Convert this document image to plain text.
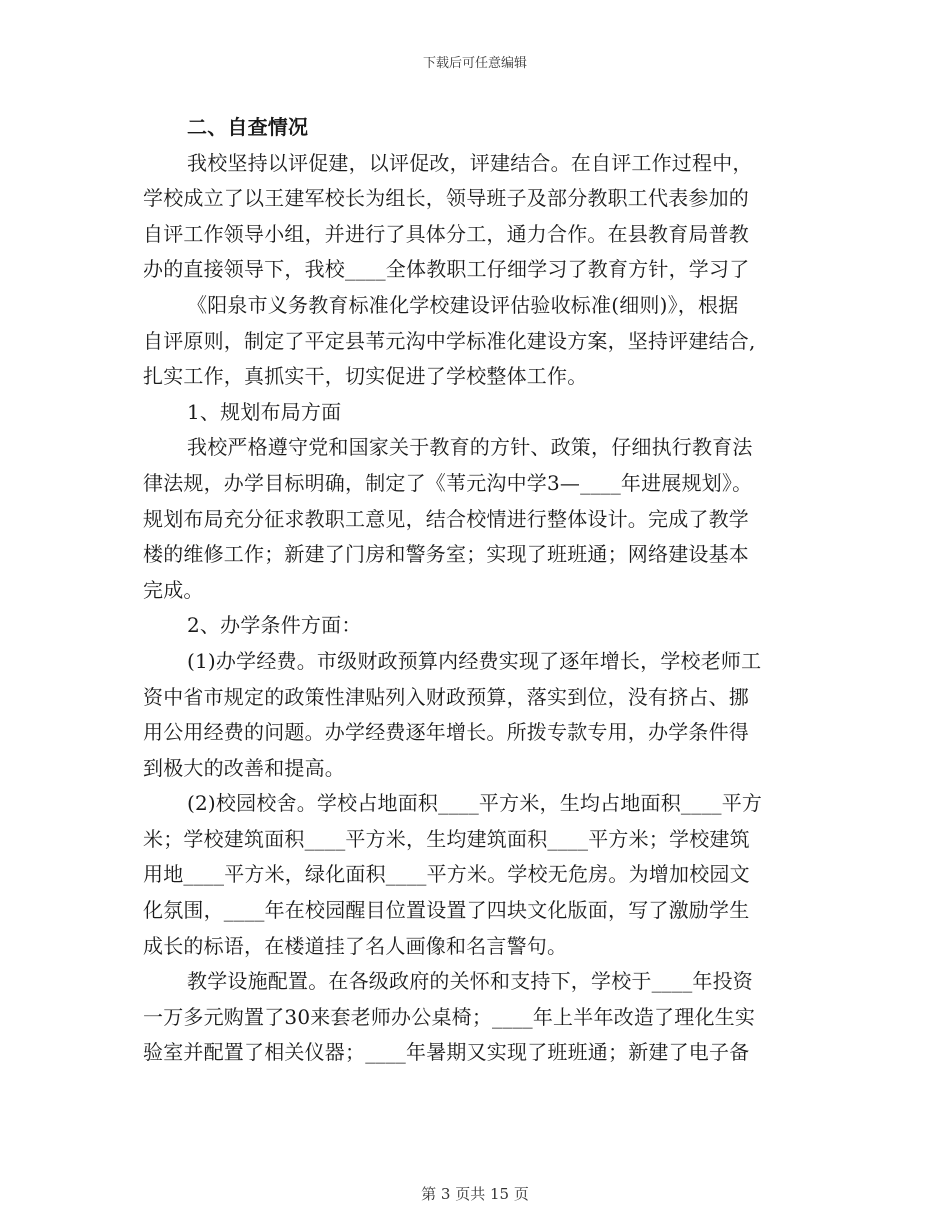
下载后可任意编辑
二、自查情况
我校坚持以评促建，以评促改，评建结合。在自评工作过程中，
学校成立了以王建军校长为组长，领导班子及部分教职工代表参加的
自评工作领导小组，并进行了具体分工，通力合作。在县教育局普教
办的直接领导下，我校____全体教职工仔细学习了教育方针，学习了
《阳泉市义务教育标准化学校建设评估验收标准(细则)》，根据
自评原则，制定了平定县苇元沟中学标准化建设方案，坚持评建结合,
扎实工作，真抓实干，切实促进了学校整体工作。
1、规划布局方面
我校严格遵守党和国家关于教育的方针、政策，仔细执行教育法
律法规，办学目标明确，制定了《苇元沟中学3—____年进展规划》。
规划布局充分征求教职工意见，结合校情进行整体设计。完成了教学
楼的维修工作；新建了门房和警务室；实现了班班通；网络建设基本
完成。
2、办学条件方面：
(1)办学经费。市级财政预算内经费实现了逐年增长，学校老师工
资中省市规定的政策性津贴列入财政预算，落实到位，没有挤占、挪
用公用经费的问题。办学经费逐年增长。所拨专款专用，办学条件得
到极大的改善和提高。
(2)校园校舍。学校占地面积____平方米，生均占地面积____平方
米；学校建筑面积____平方米，生均建筑面积____平方米；学校建筑
用地____平方米，绿化面积____平方米。学校无危房。为增加校园文
化氛围，____年在校园醒目位置设置了四块文化版面，写了激励学生
成长的标语，在楼道挂了名人画像和名言警句。
教学设施配置。在各级政府的关怀和支持下，学校于____年投资
一万多元购置了30来套老师办公桌椅；____年上半年改造了理化生实
验室并配置了相关仪器；____年暑期又实现了班班通；新建了电子备
第 3 页共 15 页
